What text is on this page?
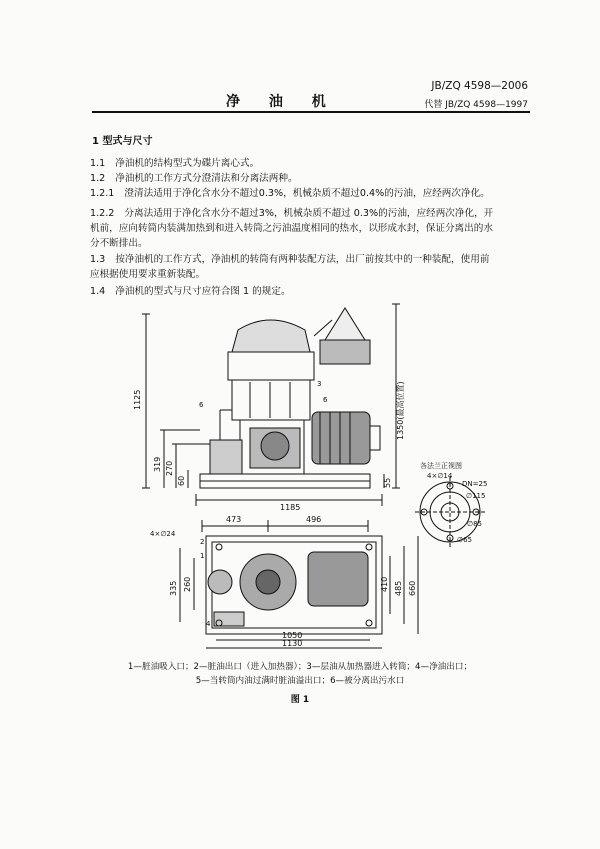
净 油 机
JB/ZQ 4598—2006
代替 JB/ZQ 4598—1997
1 型式与尺寸
1.1 净油机的结构型式为碟片离心式。
1.2 净油机的工作方式分澄清法和分离法两种。
1.2.1 澄清法适用于净化含水分不超过0.3%，机械杂质不超过0.4%的污油，应经两次净化。
1.2.2 分离法适用于净化含水分不超过3%，机械杂质不超过 0.3%的污油，应经两次净化，开
机前，应向转筒内装满加热到和进入转筒之污油温度相同的热水，以形成水封，保证分离出的水
分不断排出。
1.3 按净油机的工作方式，净油机的转筒有两种装配方法，出厂前按其中的一种装配，使用前
应根据使用要求重新装配。
1.4 净油机的型式与尺寸应符合图 1 的规定。
1125
319 270
60
1350(最高位置)
55
1185
6
3
6
各法兰正视图
4×∅14
DN=25
∅115
∅85
∅65
473	496
4×∅24
335 260	410 485 660
1050
1130
2
1
4
1—脏油吸入口；2—脏油出口（进入加热器）；3—层油从加热器进入转筒；4—净油出口；
5—当转筒内油过满时脏油溢出口；6—被分离出污水口
图 1
